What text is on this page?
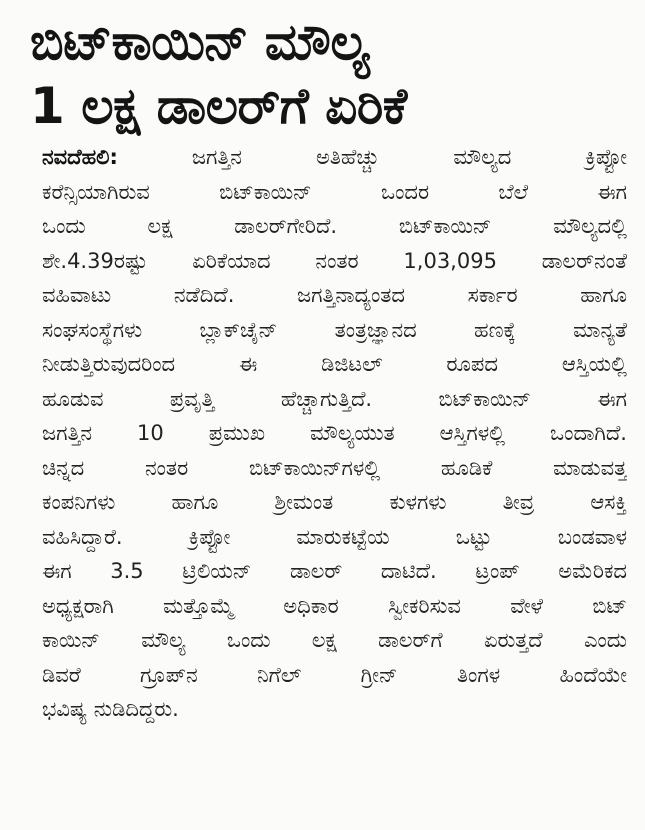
ಬಿಟ್‌ಕಾಯಿನ್ ಮೌಲ್ಯ
1 ಲಕ್ಷ ಡಾಲರ್‌ಗೆ ಏರಿಕೆ
ನವದೆಹಲಿ:	ಜಗತ್ತಿನ ಅತಿಹೆಚ್ಚು ಮೌಲ್ಯದ ಕ್ರಿಪ್ಟೋ
ಕರೆನ್ಸಿಯಾಗಿರುವ ಬಿಟ್‌ಕಾಯಿನ್ ಒಂದರ ಬೆಲೆ ಈಗ
ಒಂದು ಲಕ್ಷ ಡಾಲರ್‌ಗೇರಿದೆ. ಬಿಟ್‌ಕಾಯಿನ್ ಮೌಲ್ಯದಲ್ಲಿ
ಶೇ.4.39ರಷ್ಟು ಏರಿಕೆಯಾದ ನಂತರ 1,03,095 ಡಾಲರ್‌ನಂತೆ
ವಹಿವಾಟು ನಡೆದಿದೆ. ಜಗತ್ತಿನಾದ್ಯಂತದ ಸರ್ಕಾರ ಹಾಗೂ
ಸಂಘಸಂಸ್ಥೆಗಳು ಬ್ಲಾಕ್‌ಚೈನ್ ತಂತ್ರಜ್ಞಾನದ ಹಣಕ್ಕೆ ಮಾನ್ಯತೆ
ನೀಡುತ್ತಿರುವುದರಿಂದ ಈ ಡಿಜಿಟಲ್ ರೂಪದ ಆಸ್ತಿಯಲ್ಲಿ
ಹೂಡುವ ಪ್ರವೃತ್ತಿ ಹೆಚ್ಚಾಗುತ್ತಿದೆ. ಬಿಟ್‌ಕಾಯಿನ್ ಈಗ
ಜಗತ್ತಿನ 10 ಪ್ರಮುಖ ಮೌಲ್ಯಯುತ ಆಸ್ತಿಗಳಲ್ಲಿ ಒಂದಾಗಿದೆ.
ಚಿನ್ನದ ನಂತರ ಬಿಟ್‌ಕಾಯಿನ್‌ಗಳಲ್ಲಿ ಹೂಡಿಕೆ ಮಾಡುವತ್ತ
ಕಂಪನಿಗಳು ಹಾಗೂ ಶ್ರೀಮಂತ ಕುಳಗಳು ತೀವ್ರ ಆಸಕ್ತಿ
ವಹಿಸಿದ್ದಾರೆ. ಕ್ರಿಪ್ಟೋ ಮಾರುಕಟ್ಟೆಯ ಒಟ್ಟು ಬಂಡವಾಳ
ಈಗ 3.5 ಟ್ರಿಲಿಯನ್ ಡಾಲರ್ ದಾಟಿದೆ. ಟ್ರಂಪ್ ಅಮೆರಿಕದ
ಅಧ್ಯಕ್ಷರಾಗಿ ಮತ್ತೊಮ್ಮೆ ಅಧಿಕಾರ ಸ್ವೀಕರಿಸುವ ವೇಳೆ ಬಿಟ್
ಕಾಯಿನ್ ಮೌಲ್ಯ ಒಂದು ಲಕ್ಷ ಡಾಲರ್‌ಗೆ ಏರುತ್ತದೆ ಎಂದು
ಡಿವರೆ ಗ್ರೂಪ್‌ನ ನಿಗೆಲ್ ಗ್ರೀನ್ ತಿಂಗಳ ಹಿಂದೆಯೇ
ಭವಿಷ್ಯ ನುಡಿದಿದ್ದರು.
